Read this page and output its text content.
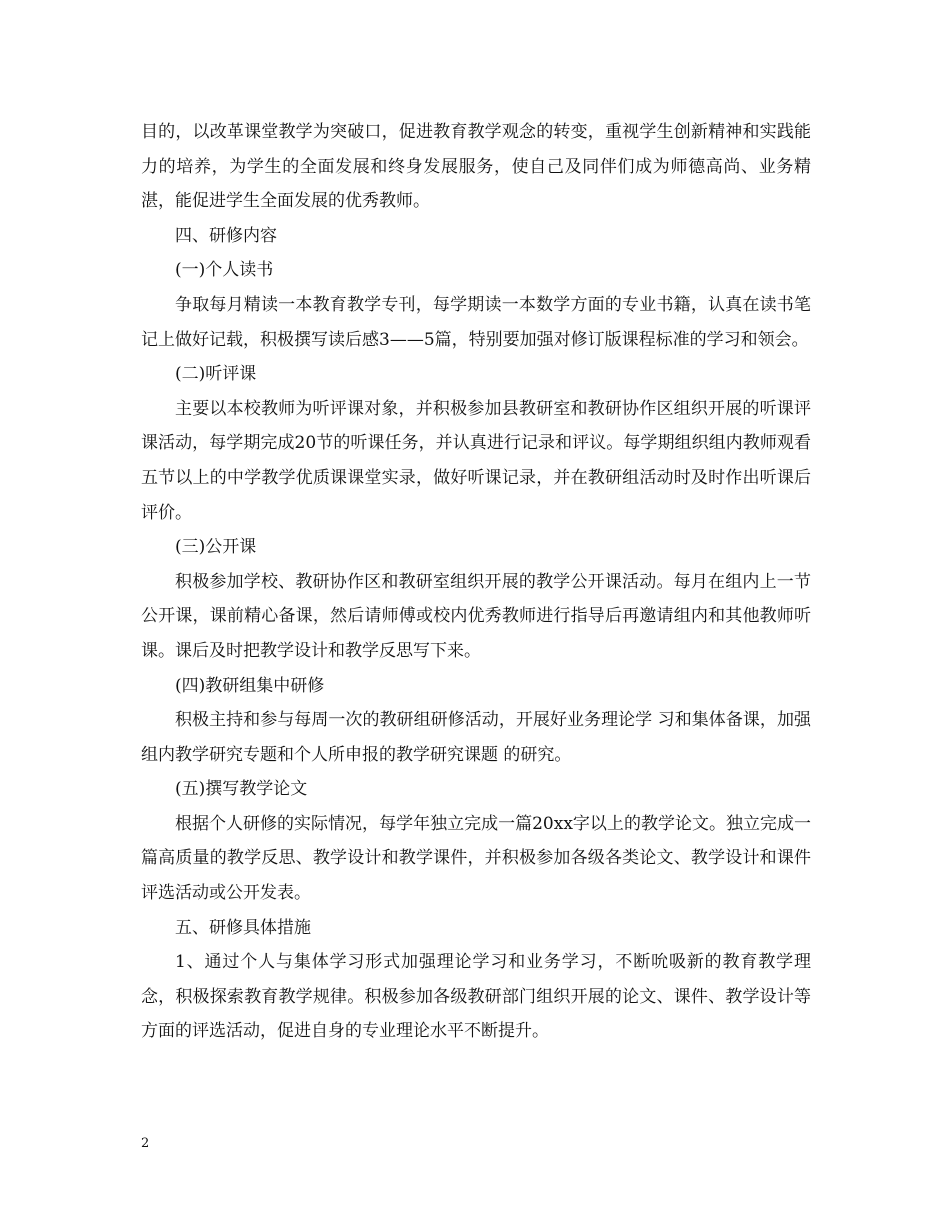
目的，以改革课堂教学为突破口，促进教育教学观念的转变，重视学生创新精神和实践能力的培养，为学生的全面发展和终身发展服务，使自己及同伴们成为师德高尚、业务精湛，能促进学生全面发展的优秀教师。

四、研修内容

(一)个人读书

争取每月精读一本教育教学专刊，每学期读一本数学方面的专业书籍，认真在读书笔记上做好记载，积极撰写读后感3——5篇，特别要加强对修订版课程标准的学习和领会。

(二)听评课

主要以本校教师为听评课对象，并积极参加县教研室和教研协作区组织开展的听课评课活动，每学期完成20节的听课任务，并认真进行记录和评议。每学期组织组内教师观看五节以上的中学教学优质课课堂实录，做好听课记录，并在教研组活动时及时作出听课后评价。

(三)公开课

积极参加学校、教研协作区和教研室组织开展的教学公开课活动。每月在组内上一节公开课，课前精心备课，然后请师傅或校内优秀教师进行指导后再邀请组内和其他教师听课。课后及时把教学设计和教学反思写下来。

(四)教研组集中研修

积极主持和参与每周一次的教研组研修活动，开展好业务理论学 习和集体备课，加强组内教学研究专题和个人所申报的教学研究课题 的研究。

(五)撰写教学论文

根据个人研修的实际情况，每学年独立完成一篇20xx字以上的教学论文。独立完成一篇高质量的教学反思、教学设计和教学课件，并积极参加各级各类论文、教学设计和课件评选活动或公开发表。

五、研修具体措施

1、通过个人与集体学习形式加强理论学习和业务学习，不断吮吸新的教育教学理念，积极探索教育教学规律。积极参加各级教研部门组织开展的论文、课件、教学设计等方面的评选活动，促进自身的专业理论水平不断提升。

2
